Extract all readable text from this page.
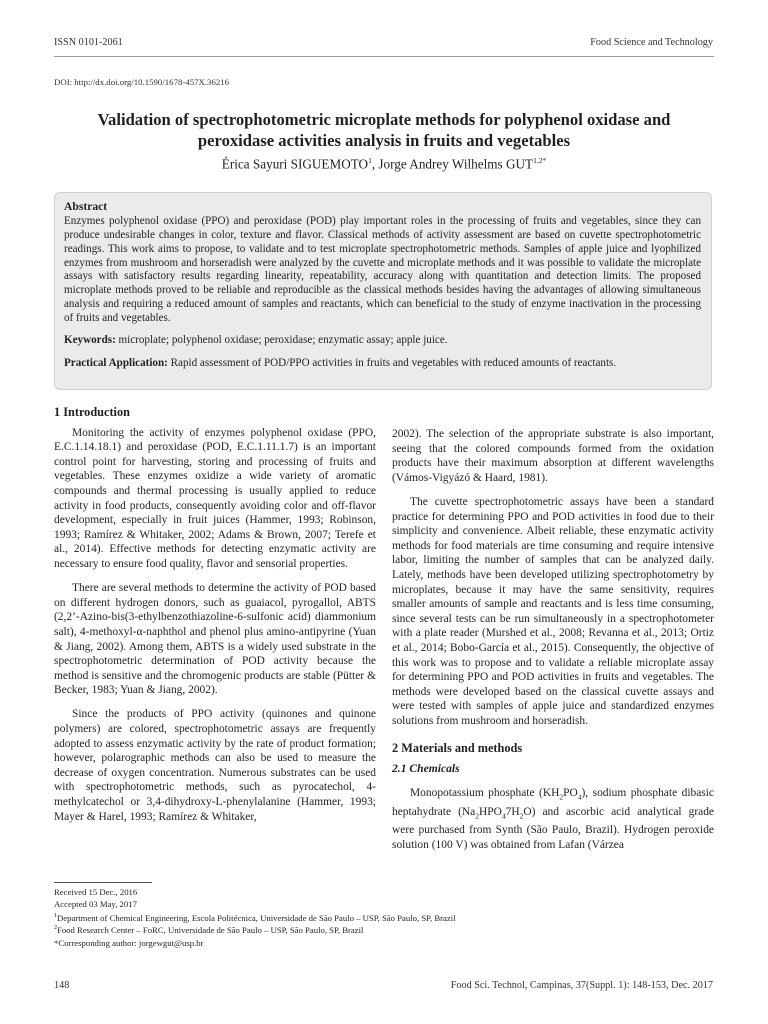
ISSN 0101-2061	Food Science and Technology
DOI: http://dx.doi.org/10.1590/1678-457X.36216
Validation of spectrophotometric microplate methods for polyphenol oxidase and peroxidase activities analysis in fruits and vegetables
Érica Sayuri SIGUEMOTO$^1$, Jorge Andrey Wilhelms $GUT^{1,2*}$
Abstract

Enzymes polyphenol oxidase (PPO) and peroxidase (POD) play important roles in the processing of fruits and vegetables, since they can produce undesirable changes in color, texture and flavor. Classical methods of activity assessment are based on cuvette spectrophotometric readings. This work aims to propose, to validate and to test microplate spectrophotometric methods. Samples of apple juice and lyophilized enzymes from mushroom and horseradish were analyzed by the cuvette and microplate methods and it was possible to validate the microplate assays with satisfactory results regarding linearity, repeatability, accuracy along with quantitation and detection limits. The proposed microplate methods proved to be reliable and reproducible as the classical methods besides having the advantages of allowing simultaneous analysis and requiring a reduced amount of samples and reactants, which can beneficial to the study of enzyme inactivation in the processing of fruits and vegetables.

Keywords: microplate; polyphenol oxidase; peroxidase; enzymatic assay; apple juice.

Practical Application: Rapid assessment of POD/PPO activities in fruits and vegetables with reduced amounts of reactants.

1 Introduction

Monitoring the activity of enzymes polyphenol oxidase (PPO, E.C.1.14.18.1) and peroxidase (POD, E.C.1.11.1.7) is an important control point for harvesting, storing and processing of fruits and vegetables. These enzymes oxidize a wide variety of aromatic compounds and thermal processing is usually applied to reduce activity in food products, consequently avoiding color and off-flavor development, especially in fruit juices (Hammer, 1993; Robinson, 1993; Ramírez & Whitaker, 2002; Adams & Brown, 2007; Terefe et al., 2014). Effective methods for detecting enzymatic activity are necessary to ensure food quality, flavor and sensorial properties.

There are several methods to determine the activity of POD based on different hydrogen donors, such as guaiacol, pyrogallol, ABTS (2,2’-Azino-bis(3-ethylbenzothiazoline-6-sulfonic acid) diammonium salt), 4-methoxyl-α-naphthol and phenol plus amino-antipyrine (Yuan & Jiang, 2002). Among them, ABTS is a widely used substrate in the spectrophotometric determination of POD activity because the method is sensitive and the chromogenic products are stable (Pütter & Becker, 1983; Yuan & Jiang, 2002).

Since the products of PPO activity (quinones and quinone polymers) are colored, spectrophotometric assays are frequently adopted to assess enzymatic activity by the rate of product formation; however, polarographic methods can also be used to measure the decrease of oxygen concentration. Numerous substrates can be used with spectrophotometric methods, such as pyrocatechol, 4-methylcatechol or 3,4-dihydroxy-L-phenylalanine (Hammer, 1993; Mayer & Harel, 1993; Ramírez & Whitaker,

2002). The selection of the appropriate substrate is also important, seeing that the colored compounds formed from the oxidation products have their maximum absorption at different wavelengths (Vámos-Vigyázó & Haard, 1981).

The cuvette spectrophotometric assays have been a standard practice for determining PPO and POD activities in food due to their simplicity and convenience. Albeit reliable, these enzymatic activity methods for food materials are time consuming and require intensive labor, limiting the number of samples that can be analyzed daily. Lately, methods have been developed utilizing spectrophotometry by microplates, because it may have the same sensitivity, requires smaller amounts of sample and reactants and is less time consuming, since several tests can be run simultaneously in a spectrophotometer with a plate reader (Murshed et al., 2008; Revanna et al., 2013; Ortiz et al., 2014; Bobo-García et al., 2015). Consequently, the objective of this work was to propose and to validate a reliable microplate assay for determining PPO and POD activities in fruits and vegetables. The methods were developed based on the classical cuvette assays and were tested with samples of apple juice and standardized enzymes solutions from mushroom and horseradish.

2 Materials and methods
2.1 Chemicals

Monopotassium phosphate $(KH_2PO_4)$, sodium phosphate dibasic heptahydrate $(Na_2HPO_47H_2O)$ and ascorbic acid analytical grade were purchased from Synth (São Paulo, Brazil). Hydrogen peroxide solution (100 V) was obtained from Lafan (Várzea

Received 15 Dec., 2016
Accepted 03 May, 2017
$^1$Department of Chemical Engineering, Escola Politécnica, Universidade de São Paulo – USP, São Paulo, SP, Brazil
$^2$Food Research Center – FoRC, Universidade de São Paulo – USP, São Paulo, SP, Brazil
*Corresponding author: jorgewgut@usp.br
148	Food Sci. Technol, Campinas, 37(Suppl. 1): 148-153, Dec. 2017
